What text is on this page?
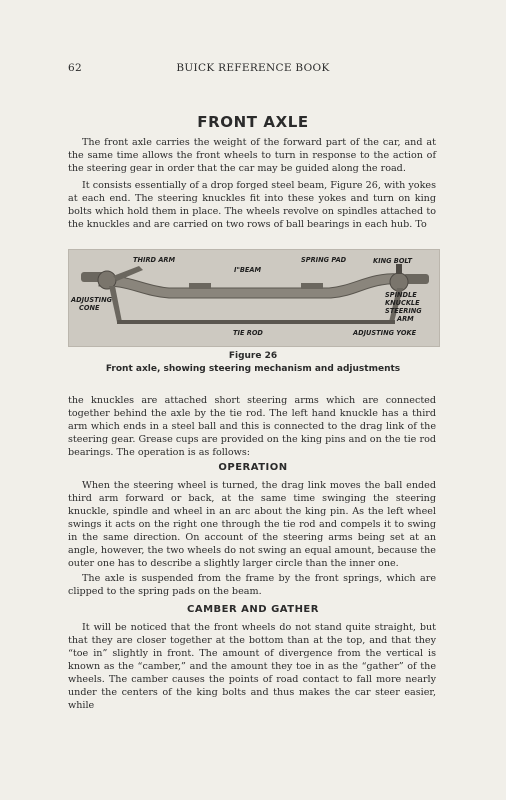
62	BUICK REFERENCE BOOK
FRONT AXLE

The front axle carries the weight of the forward part of the car, and at the same time allows the front wheels to turn in response to the action of the steering gear in order that the car may be guided along the road.

It consists essentially of a drop forged steel beam, Figure 26, with yokes at each end. The steering knuckles fit into these yokes and turn on king bolts which hold them in place. The wheels revolve on spindles attached to the knuckles and are carried on two rows of ball bearings in each hub. To

THIRD ARM
I"BEAM
SPRING PAD	KING BOLT
ADJUSTING
CONE
SPINDLE
KNUCKLE
STEERING
ARM
ADJUSTING YOKE
TIE ROD
Figure 26
Front axle, showing steering mechanism and adjustments

the knuckles are attached short steering arms which are connected together behind the axle by the tie rod. The left hand knuckle has a third arm which ends in a steel ball and this is connected to the drag link of the steering gear. Grease cups are provided on the king pins and on the tie rod bearings. The operation is as follows:

OPERATION

When the steering wheel is turned, the drag link moves the ball ended third arm forward or back, at the same time swinging the steering knuckle, spindle and wheel in an arc about the king pin. As the left wheel swings it acts on the right one through the tie rod and compels it to swing in the same direction. On account of the steering arms being set at an angle, however, the two wheels do not swing an equal amount, because the outer one has to describe a slightly larger circle than the inner one.

The axle is suspended from the frame by the front springs, which are clipped to the spring pads on the beam.

CAMBER AND GATHER

It will be noticed that the front wheels do not stand quite straight, but that they are closer together at the bottom than at the top, and that they “toe in” slightly in front. The amount of divergence from the vertical is known as the “camber,” and the amount they toe in as the “gather” of the wheels. The camber causes the points of road contact to fall more nearly under the centers of the king bolts and thus makes the car steer easier, while
